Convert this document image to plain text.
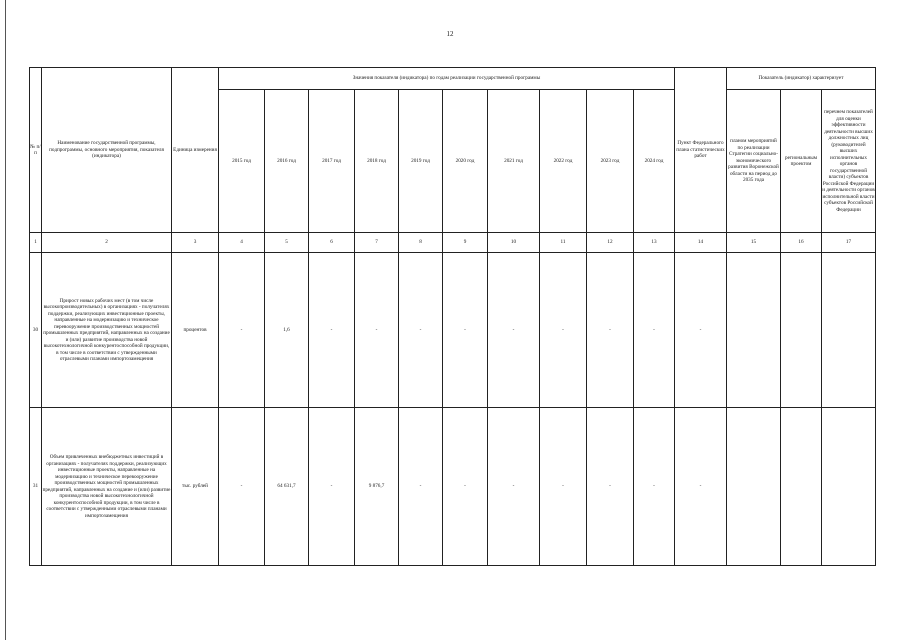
12
№ п/п	Наименование государственной программы, подпрограммы, основного мероприятия, показателя (индикатора)	Единица измерения	Значения показателя (индикатора) по годам реализации государственной программы										Пункт Федерального плана статистических работ	Показатель (индикатор) характеризует		
			2015 год	2016 год	2017 год	2018 год	2019 год	2020 год	2021 год	2022 год	2023 год	2024 год		планом мероприятий по реализации Стратегии социально-экономического развития Воронежской области на период до 2035 года	региональным проектом	перечнем показателей для оценки эффективности деятельности высших должностных лиц (руководителей высших исполнительных органов государственной власти) субъектов Российской Федерации и деятельности органов исполнительной власти субъектов Российской Федерации
1	2	3	4	5	6	7	8	9	10	11	12	13	14	15	16	17
30	Прирост новых рабочих мест (в том числе высокопроизводительных) в организациях - получателях поддержки, реализующих инвестиционные проекты, направленные на модернизацию и техническое перевооружение производственных мощностей промышленных предприятий, направленных на создание и (или) развитие производства новой высокотехнологичной конкурентоспособной продукции, в том числе в соответствии с утвержденными отраслевыми планами импортозамещения	процентов	-	1,6	-	-	-	-	-	-	-	-	-			
31	Объем привлеченных внебюджетных инвестиций в организациях - получателях поддержки, реализующих инвестиционные проекты, направленные на модернизацию и техническое перевооружение производственных мощностей промышленных предприятий, направленных на создание и (или) развитие производства новой высокотехнологичной конкурентоспособной продукции, в том числе в соответствии с утвержденными отраслевыми планами импортозамещения	тыс. рублей	-	64 631,7	-	9 876,7	-	-	-	-	-	-	-			
